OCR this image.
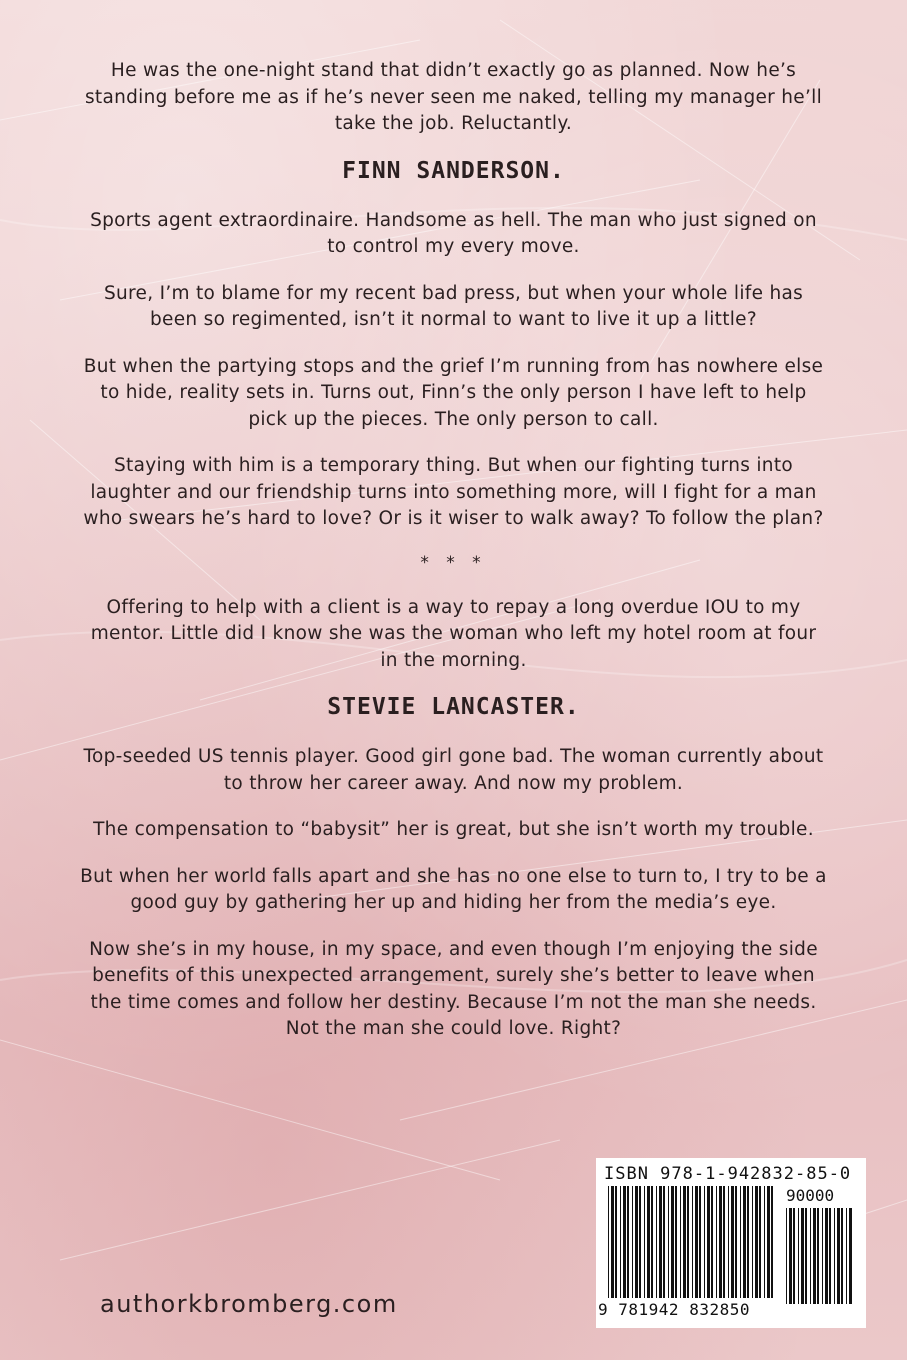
He was the one-night stand that didn’t exactly go as planned. Now he’s standing before me as if he’s never seen me naked, telling my manager he’ll take the job. Reluctantly.

FINN SANDERSON.

Sports agent extraordinaire. Handsome as hell. The man who just signed on to control my every move.

Sure, I’m to blame for my recent bad press, but when your whole life has been so regimented, isn’t it normal to want to live it up a little?

But when the partying stops and the grief I’m running from has nowhere else to hide, reality sets in. Turns out, Finn’s the only person I have left to help pick up the pieces. The only person to call.

Staying with him is a temporary thing. But when our fighting turns into laughter and our friendship turns into something more, will I fight for a man who swears he’s hard to love? Or is it wiser to walk away? To follow the plan?

* * *

Offering to help with a client is a way to repay a long overdue IOU to my mentor. Little did I know she was the woman who left my hotel room at four in the morning.

STEVIE LANCASTER.

Top-seeded US tennis player. Good girl gone bad. The woman currently about to throw her career away. And now my problem.

The compensation to “babysit” her is great, but she isn’t worth my trouble.

But when her world falls apart and she has no one else to turn to, I try to be a good guy by gathering her up and hiding her from the media’s eye.

Now she’s in my house, in my space, and even though I’m enjoying the side benefits of this unexpected arrangement, surely she’s better to leave when the time comes and follow her destiny. Because I’m not the man she needs. Not the man she could love. Right?

ISBN 978-1-942832-85-0

90000
9 781942 832850
authorkbromberg.com
